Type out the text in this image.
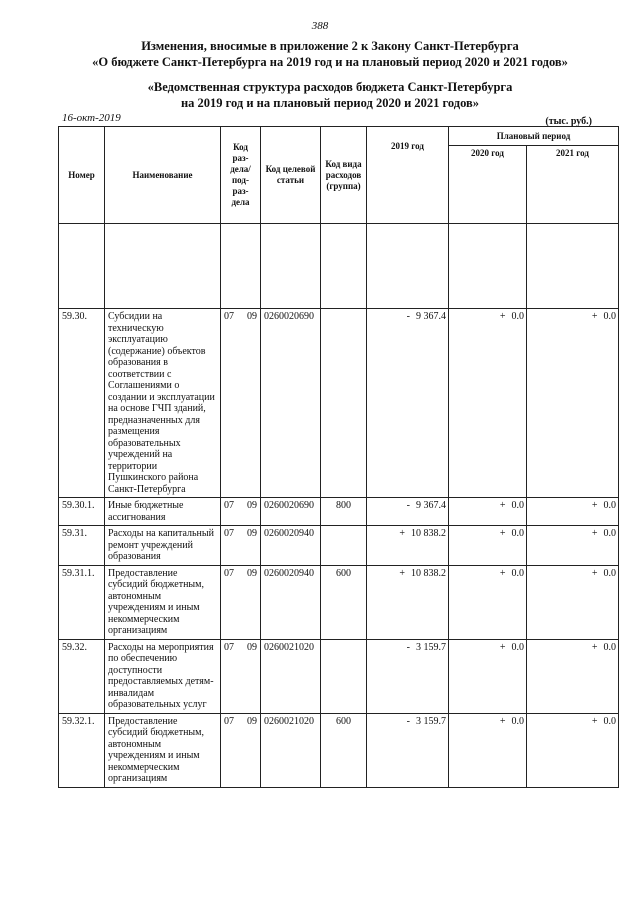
388
Изменения, вносимые в приложение 2 к Закону Санкт-Петербурга
«О бюджете Санкт-Петербурга на 2019 год и на плановый период 2020 и 2021 годов»
«Ведомственная структура расходов бюджета Санкт-Петербурга
на 2019 год и на плановый период 2020 и 2021 годов»
16-окт-2019	(тыс. руб.)
Номер	Наименование	Код раз-дела/ под-раз-дела	Код целевой статьи	Код вида расходов (группа)	2019 год	Плановый период	
						2020 год	2021 год

59.30.	Субсидии на техническую эксплуатацию (содержание) объектов образования в соответствии с Соглашениями о создании и эксплуатации на основе ГЧП зданий, предназначенных для размещения образовательных учреждений на территории Пушкинского района Санкт-Петербурга	07 09	0260020690		- 9 367.4	+ 0.0	+ 0.0
59.30.1.	Иные бюджетные ассигнования	07 09	0260020690	800	- 9 367.4	+ 0.0	+ 0.0
59.31.	Расходы на капитальный ремонт учреждений образования	07 09	0260020940		+ 10 838.2	+ 0.0	+ 0.0
59.31.1.	Предоставление субсидий бюджетным, автономным учреждениям и иным некоммерческим организациям	07 09	0260020940	600	+ 10 838.2	+ 0.0	+ 0.0
59.32.	Расходы на мероприятия по обеспечению доступности предоставляемых детям-инвалидам образовательных услуг	07 09	0260021020		- 3 159.7	+ 0.0	+ 0.0
59.32.1.	Предоставление субсидий бюджетным, автономным учреждениям и иным некоммерческим организациям	07 09	0260021020	600	- 3 159.7	+ 0.0	+ 0.0
